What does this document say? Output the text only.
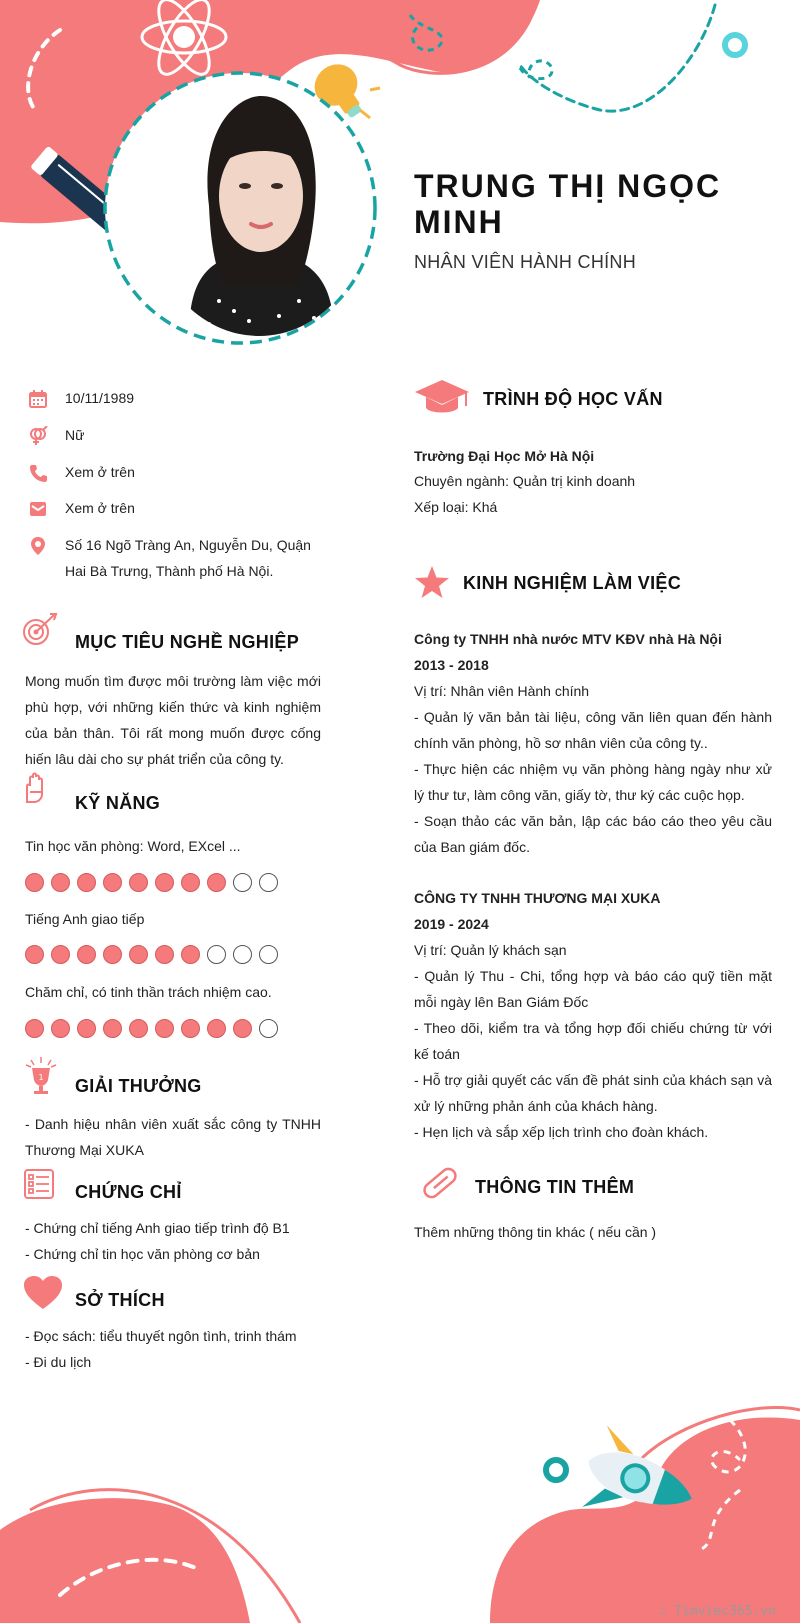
TRUNG THỊ NGỌC MINH
NHÂN VIÊN HÀNH CHÍNH
10/11/1989
Nữ
Xem ở trên
Xem ở trên
Số 16 Ngõ Tràng An, Nguyễn Du, Quận Hai Bà Trưng, Thành phố Hà Nội.
MỤC TIÊU NGHỀ NGHIỆP
Mong muốn tìm được môi trường làm việc mới phù hợp, với những kiến thức và kinh nghiệm của bản thân. Tôi rất mong muốn được cống hiến lâu dài cho sự phát triển của công ty.
KỸ NĂNG
Tin học văn phòng: Word, EXcel ...
Tiếng Anh giao tiếp
Chăm chỉ, có tinh thần trách nhiệm cao.
1 GIẢI THƯỞNG
- Danh hiệu nhân viên xuất sắc công ty TNHH Thương Mại XUKA
CHỨNG CHỈ
- Chứng chỉ tiếng Anh giao tiếp trình độ B1
- Chứng chỉ tin học văn phòng cơ bản
SỞ THÍCH
- Đọc sách: tiểu thuyết ngôn tình, trinh thám
- Đi du lịch
TRÌNH ĐỘ HỌC VẤN
Trường Đại Học Mở Hà Nội
Chuyên ngành: Quản trị kinh doanh
Xếp loại: Khá
KINH NGHIỆM LÀM VIỆC
Công ty TNHH nhà nước MTV KĐV nhà Hà Nội
2013 - 2018
Vị trí: Nhân viên Hành chính
- Quản lý văn bản tài liệu, công văn liên quan đến hành chính văn phòng, hồ sơ nhân viên của công ty..
- Thực hiện các nhiệm vụ văn phòng hàng ngày như xử lý thư tư, làm công văn, giấy tờ, thư ký các cuộc họp.
- Soạn thảo các văn bản, lập các báo cáo theo yêu cầu của Ban giám đốc.
CÔNG TY TNHH THƯƠNG MẠI XUKA
2019 - 2024
Vị trí: Quản lý khách sạn
- Quản lý Thu - Chi, tổng hợp và báo cáo quỹ tiền mặt mỗi ngày lên Ban Giám Đốc
- Theo dõi, kiểm tra và tổng hợp đối chiếu chứng từ với kế toán
- Hỗ trợ giải quyết các vấn đề phát sinh của khách sạn và xử lý những phản ánh của khách hàng.
- Hẹn lịch và sắp xếp lịch trình cho đoàn khách.
THÔNG TIN THÊM
Thêm những thông tin khác ( nếu cần )
∴ Timviec365.vn
